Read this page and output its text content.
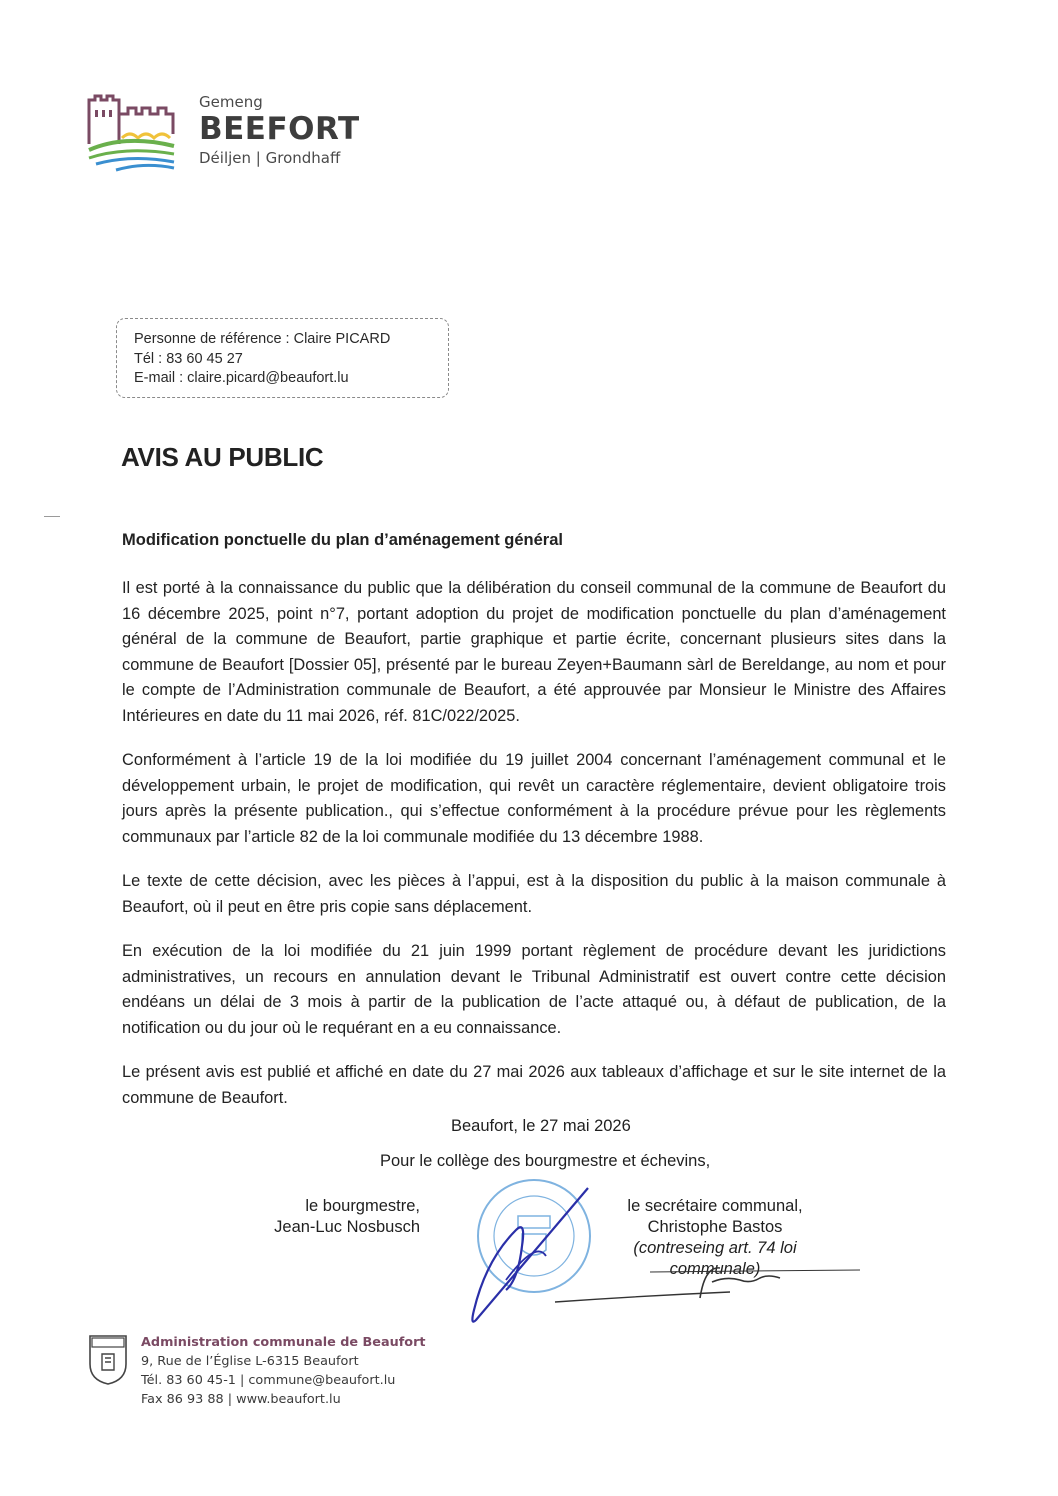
Gemeng
BEEFORT
Déiljen | Grondhaff
Personne de référence : Claire PICARD
Tél : 83 60 45 27
E-mail : claire.picard@beaufort.lu
AVIS AU PUBLIC
Modification ponctuelle du plan d’aménagement général

Il est porté à la connaissance du public que la délibération du conseil communal de la commune de Beaufort du 16 décembre 2025, point n°7, portant adoption du projet de modification ponctuelle du plan d’aménagement général de la commune de Beaufort, partie graphique et partie écrite, concernant plusieurs sites dans la commune de Beaufort [Dossier 05], présenté par le bureau Zeyen+Baumann sàrl de Bereldange, au nom et pour le compte de l’Administration communale de Beaufort, a été approuvée par Monsieur le Ministre des Affaires Intérieures en date du 11 mai 2026, réf. 81C/022/2025.

Conformément à l’article 19 de la loi modifiée du 19 juillet 2004 concernant l’aménagement communal et le développement urbain, le projet de modification, qui revêt un caractère réglementaire, devient obligatoire trois jours après la présente publication., qui s’effectue conformément à la procédure prévue pour les règlements communaux par l’article 82 de la loi communale modifiée du 13 décembre 1988.

Le texte de cette décision, avec les pièces à l’appui, est à la disposition du public à la maison communale à Beaufort, où il peut en être pris copie sans déplacement.

En exécution de la loi modifiée du 21 juin 1999 portant règlement de procédure devant les juridictions administratives, un recours en annulation devant le Tribunal Administratif est ouvert contre cette décision endéans un délai de 3 mois à partir de la publication de l’acte attaqué ou, à défaut de publication, de la notification ou du jour où le requérant en a eu connaissance.

Le présent avis est publié et affiché en date du 27 mai 2026 aux tableaux d’affichage et sur le site internet de la commune de Beaufort.

Beaufort, le 27 mai 2026
Pour le collège des bourgmestre et échevins,
le bourgmestre,
Jean-Luc Nosbusch
le secrétaire communal,
Christophe Bastos
(contreseing art. 74 loi communale)
Administration communale de Beaufort
9, Rue de l’Église L-6315 Beaufort
Tél. 83 60 45-1 | commune@beaufort.lu
Fax 86 93 88 | www.beaufort.lu
